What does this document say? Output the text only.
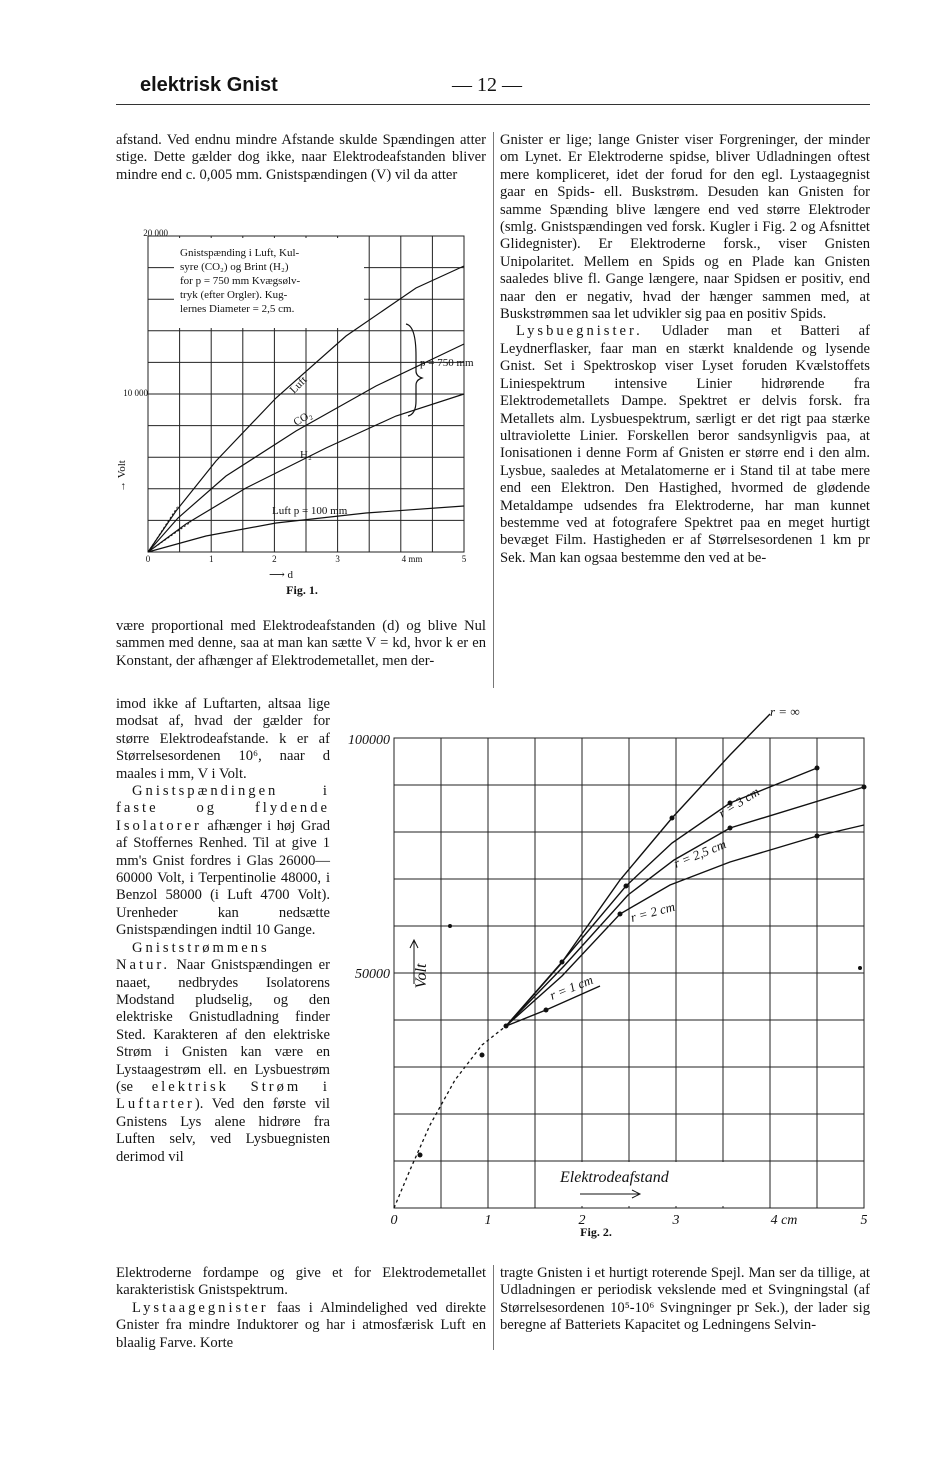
elektrisk Gnist	— 12 —

afstand. Ved endnu mindre Afstande skulde Spændingen atter stige. Dette gælder dog ikke, naar Elektrodeafstanden bliver mindre end c. 0,005 mm. Gnistspændingen (V) vil da atter

20 000
10 000
→ Volt
0	1	2	3	4 mm	5
⟶ d
Fig. 1.
Gnistspænding i Luft, Kul-
syre (CO₂) og Brint (H₂)
for p = 750 mm Kvægsølv-
tryk (efter Orgler). Kug-
lernes Diameter = 2,5 cm.
Luft
CO₂
H₂
Luft p = 100 mm
p = 750 mm

være proportional med Elektrodeafstanden (d) og blive Nul sammen med denne, saa at man kan sætte V = kd, hvor k er en Konstant, der afhænger af Elektrodemetallet, men der-

imod ikke af Luftarten, altsaa lige modsat af, hvad der gælder for større Elektrodeafstande. k er af Størrelsesordenen 10⁶, naar d maales i mm, V i Volt.

Gnistspændingen i faste og flydende Isolatorer afhænger i høj Grad af Stoffernes Renhed. Til at give 1 mm's Gnist fordres i Glas 26000—60000 Volt, i Terpentinolie 48000, i Benzol 58000 (i Luft 4700 Volt). Urenheder kan nedsætte Gnistspændingen indtil 10 Gange.

Gniststrømmens Natur. Naar Gnistspændingen er naaet, nedbrydes Isolatorens Modstand pludselig, og den elektriske Gnistudladning finder Sted. Karakteren af den elektriske Strøm i Gnisten kan være en Lystaagestrøm ell. en Lysbuestrøm (se elektrisk Strøm i Luftarter). Ved den første vil Gnistens Lys alene hidrøre fra Luften selv, ved Lysbuegnisten derimod vil

100000
50000 Volt
0	1	2	3	4 cm	5
Elektrodeafstand
Fig. 2.
r = ∞
r = 3 cm
r = 2,5 cm
r = 2 cm
r = 1 cm

Elektroderne fordampe og give et for Elektrodemetallet karakteristisk Gnistspektrum.

Lystaagegnister faas i Almindelighed ved direkte Gnister fra mindre Induktorer og har i atmosfærisk Luft en blaalig Farve. Korte

Gnister er lige; lange Gnister viser Forgreninger, der minder om Lynet. Er Elektroderne spidse, bliver Udladningen oftest mere kompliceret, idet der forud for den egl. Lystaagegnist gaar en Spids- ell. Buskstrøm. Desuden kan Gnisten for samme Spænding blive længere end ved større Elektroder (smlg. Gnistspændingen ved forsk. Kugler i Fig. 2 og Afsnittet Glidegnister). Er Elektroderne forsk., viser Gnisten Unipolaritet. Mellem en Spids og en Plade kan Gnisten saaledes blive fl. Gange længere, naar Spidsen er positiv, end naar den er negativ, hvad der hænger sammen med, at Buskstrømmen saa let udvikler sig paa en positiv Spids.

Lysbuegnister. Udlader man et Batteri af Leydnerflasker, faar man en stærkt knaldende og lysende Gnist. Set i Spektroskop viser Lyset foruden Kvælstoffets Liniespektrum intensive Linier hidrørende fra Elektrodemetallets Dampe. Spektret er delvis forsk. fra Metallets alm. Lysbuespektrum, særligt er det rigt paa stærke ultraviolette Linier. Forskellen beror sandsynligvis paa, at Ionisationen i denne Form af Gnisten er større end i den alm. Lysbue, saaledes at Metalatomerne er i Stand til at tabe mere end een Elektron. Den Hastighed, hvormed de glødende Metaldampe udsendes fra Elektroderne, har man kunnet bestemme ved at fotografere Spektret paa en meget hurtigt bevæget Film. Hastigheden er af Størrelsesordenen 1 km pr Sek. Man kan ogsaa bestemme den ved at be-

tragte Gnisten i et hurtigt roterende Spejl. Man ser da tillige, at Udladningen er periodisk vekslende med et Svingningstal (af Størrelsesordenen 10⁵-10⁶ Svingninger pr Sek.), der lader sig beregne af Batteriets Kapacitet og Ledningens Selvin-
